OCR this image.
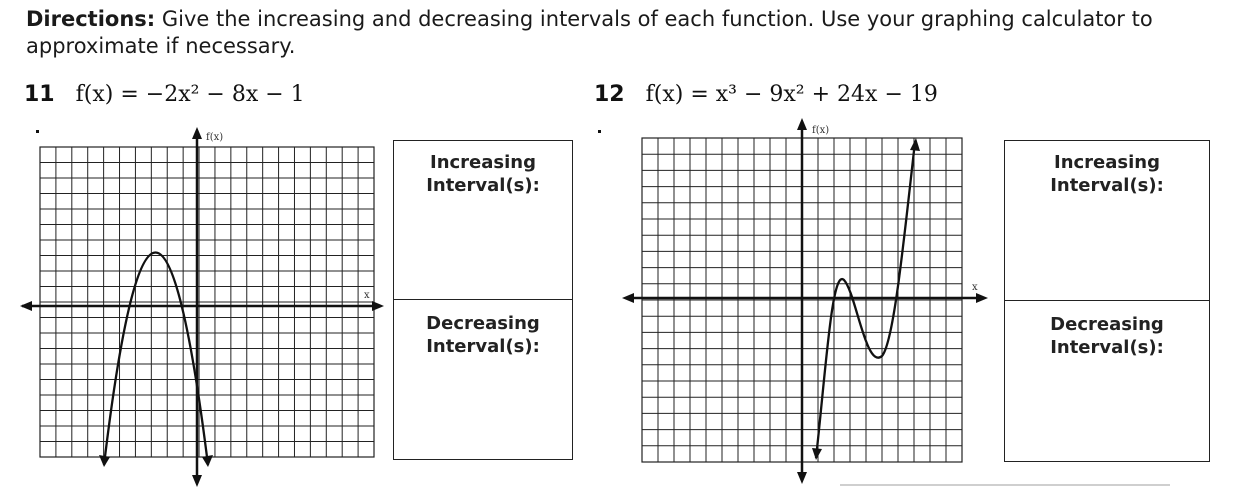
Directions: Give the increasing and decreasing intervals of each function. Use your graphing calculator to approximate if necessary.
11 f(x) = −2x² − 8x − 1
f(x)
x
Increasing Interval(s):
Decreasing Interval(s):
12 f(x) = x³ − 9x² + 24x − 19
f(x)
x
Increasing Interval(s):
Decreasing Interval(s):
